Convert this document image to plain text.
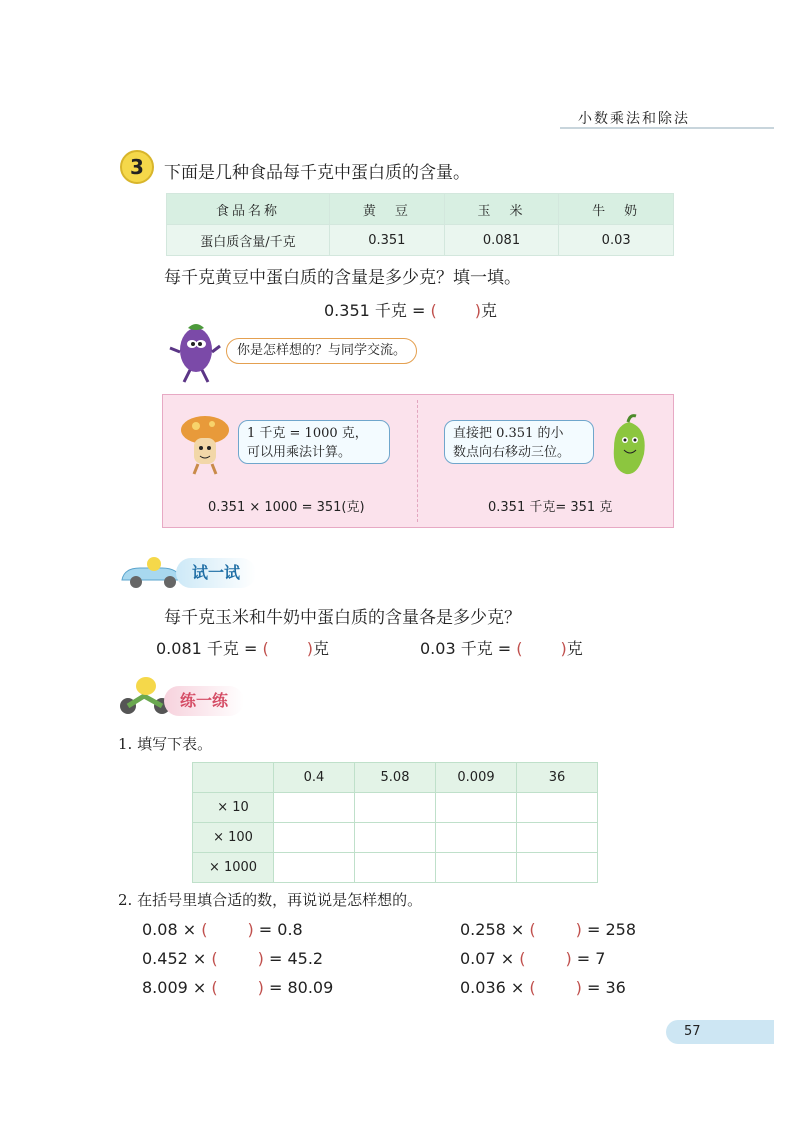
小数乘法和除法
3	下面是几种食品每千克中蛋白质的含量。
食品名称	黄　豆	玉　米	牛　奶
蛋白质含量/千克	0.351	0.081	0.03
每千克黄豆中蛋白质的含量是多少克？填一填。
0.351 千克 = ( )克
你是怎样想的？与同学交流。
1 千克 = 1000 克，
可以用乘法计算。
直接把 0.351 的小
数点向右移动三位。
0.351 × 1000 = 351(克)	0.351 千克= 351 克
试一试
每千克玉米和牛奶中蛋白质的含量各是多少克？
0.081 千克 = ( )克	0.03 千克 = ( )克
练一练
1. 填写下表。
	0.4	5.08	0.009	36
× 10				
× 100				
× 1000				
2. 在括号里填合适的数，再说说是怎样想的。
0.08 × (	) = 0.8	0.258 × (	) = 258
0.452 × (	) = 45.2	0.07 × (	) = 7
8.009 × (	) = 80.09	0.036 × (	) = 36
57
